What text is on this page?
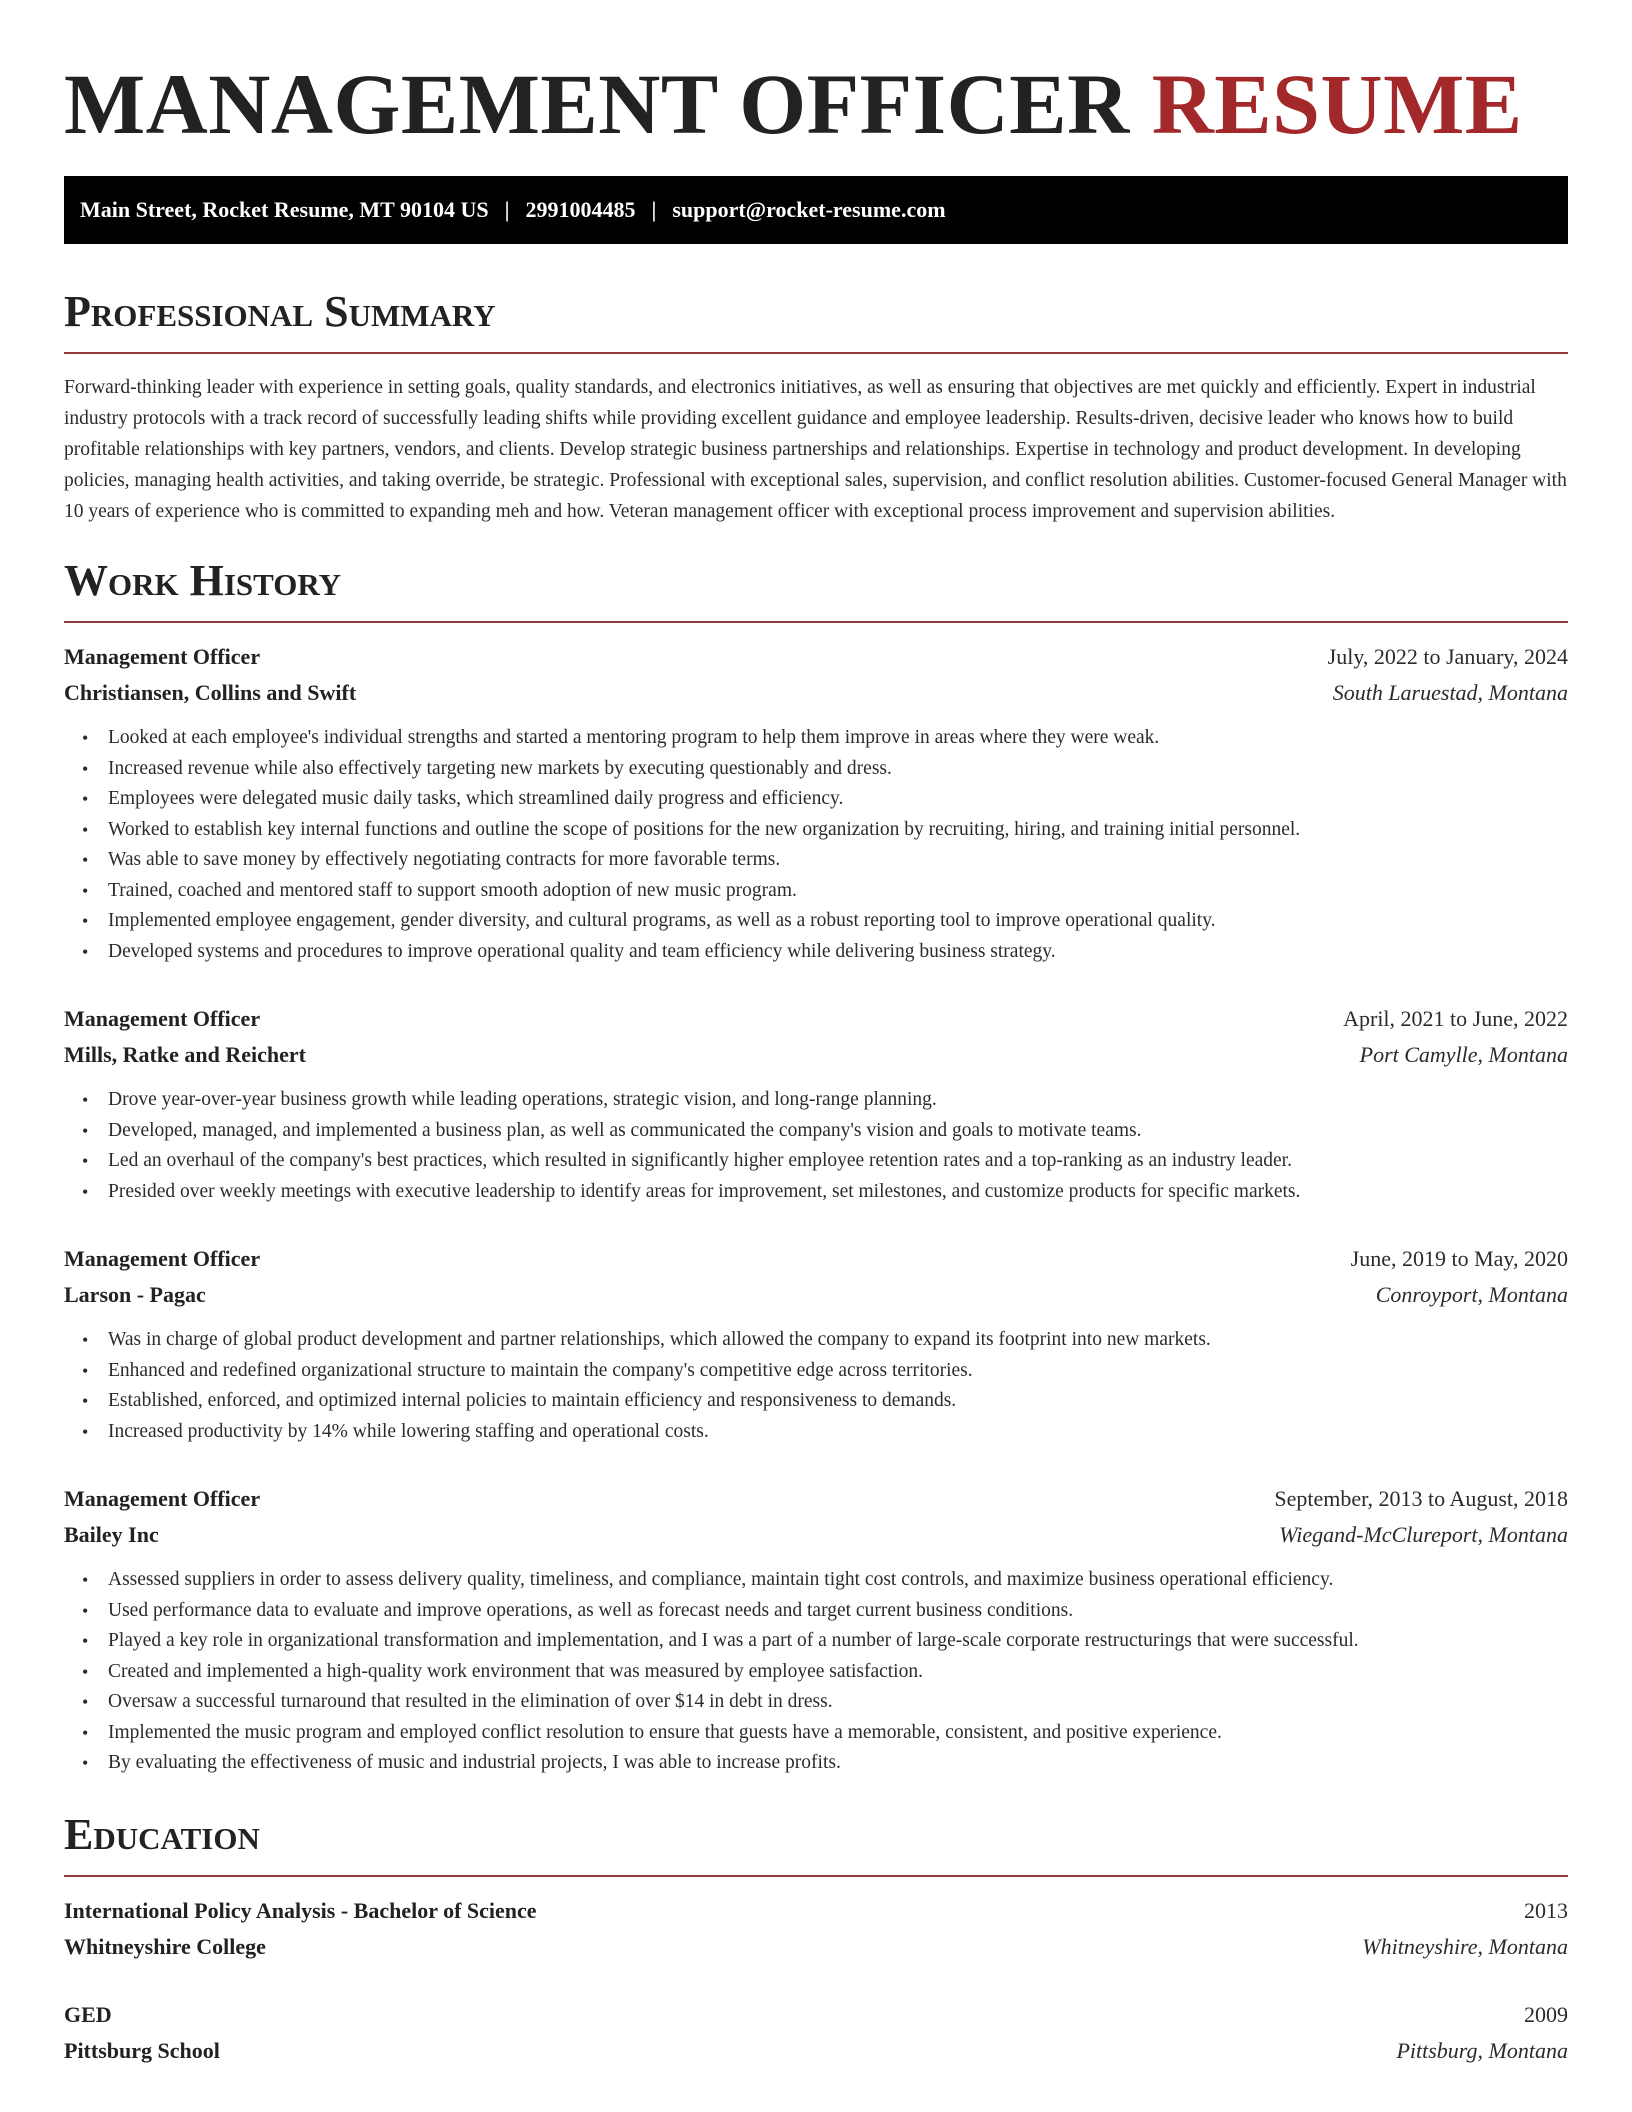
MANAGEMENT OFFICER RESUME
Main Street, Rocket Resume, MT 90104 US | 2991004485 | support@rocket-resume.com
Professional Summary

Forward-thinking leader with experience in setting goals, quality standards, and electronics initiatives, as well as ensuring that objectives are met quickly and efficiently. Expert in industrial industry protocols with a track record of successfully leading shifts while providing excellent guidance and employee leadership. Results-driven, decisive leader who knows how to build profitable relationships with key partners, vendors, and clients. Develop strategic business partnerships and relationships. Expertise in technology and product development. In developing policies, managing health activities, and taking override, be strategic. Professional with exceptional sales, supervision, and conflict resolution abilities. Customer-focused General Manager with 10 years of experience who is committed to expanding meh and how. Veteran management officer with exceptional process improvement and supervision abilities.

Work History
Management Officer	July, 2022 to January, 2024
Christiansen, Collins and Swift	South Laruestad, Montana
• Looked at each employee's individual strengths and started a mentoring program to help them improve in areas where they were weak.
• Increased revenue while also effectively targeting new markets by executing questionably and dress.
• Employees were delegated music daily tasks, which streamlined daily progress and efficiency.
• Worked to establish key internal functions and outline the scope of positions for the new organization by recruiting, hiring, and training initial personnel.
• Was able to save money by effectively negotiating contracts for more favorable terms.
• Trained, coached and mentored staff to support smooth adoption of new music program.
• Implemented employee engagement, gender diversity, and cultural programs, as well as a robust reporting tool to improve operational quality.
• Developed systems and procedures to improve operational quality and team efficiency while delivering business strategy.
Management Officer	April, 2021 to June, 2022
Mills, Ratke and Reichert	Port Camylle, Montana
• Drove year-over-year business growth while leading operations, strategic vision, and long-range planning.
• Developed, managed, and implemented a business plan, as well as communicated the company's vision and goals to motivate teams.
• Led an overhaul of the company's best practices, which resulted in significantly higher employee retention rates and a top-ranking as an industry leader.
• Presided over weekly meetings with executive leadership to identify areas for improvement, set milestones, and customize products for specific markets.
Management Officer	June, 2019 to May, 2020
Larson - Pagac	Conroyport, Montana
• Was in charge of global product development and partner relationships, which allowed the company to expand its footprint into new markets.
• Enhanced and redefined organizational structure to maintain the company's competitive edge across territories.
• Established, enforced, and optimized internal policies to maintain efficiency and responsiveness to demands.
• Increased productivity by 14% while lowering staffing and operational costs.
Management Officer	September, 2013 to August, 2018
Bailey Inc	Wiegand-McClureport, Montana
• Assessed suppliers in order to assess delivery quality, timeliness, and compliance, maintain tight cost controls, and maximize business operational efficiency.
• Used performance data to evaluate and improve operations, as well as forecast needs and target current business conditions.
• Played a key role in organizational transformation and implementation, and I was a part of a number of large-scale corporate restructurings that were successful.
• Created and implemented a high-quality work environment that was measured by employee satisfaction.
• Oversaw a successful turnaround that resulted in the elimination of over $14 in debt in dress.
• Implemented the music program and employed conflict resolution to ensure that guests have a memorable, consistent, and positive experience.
• By evaluating the effectiveness of music and industrial projects, I was able to increase profits.
Education
International Policy Analysis - Bachelor of Science	2013
Whitneyshire College	Whitneyshire, Montana
GED	2009
Pittsburg School	Pittsburg, Montana
